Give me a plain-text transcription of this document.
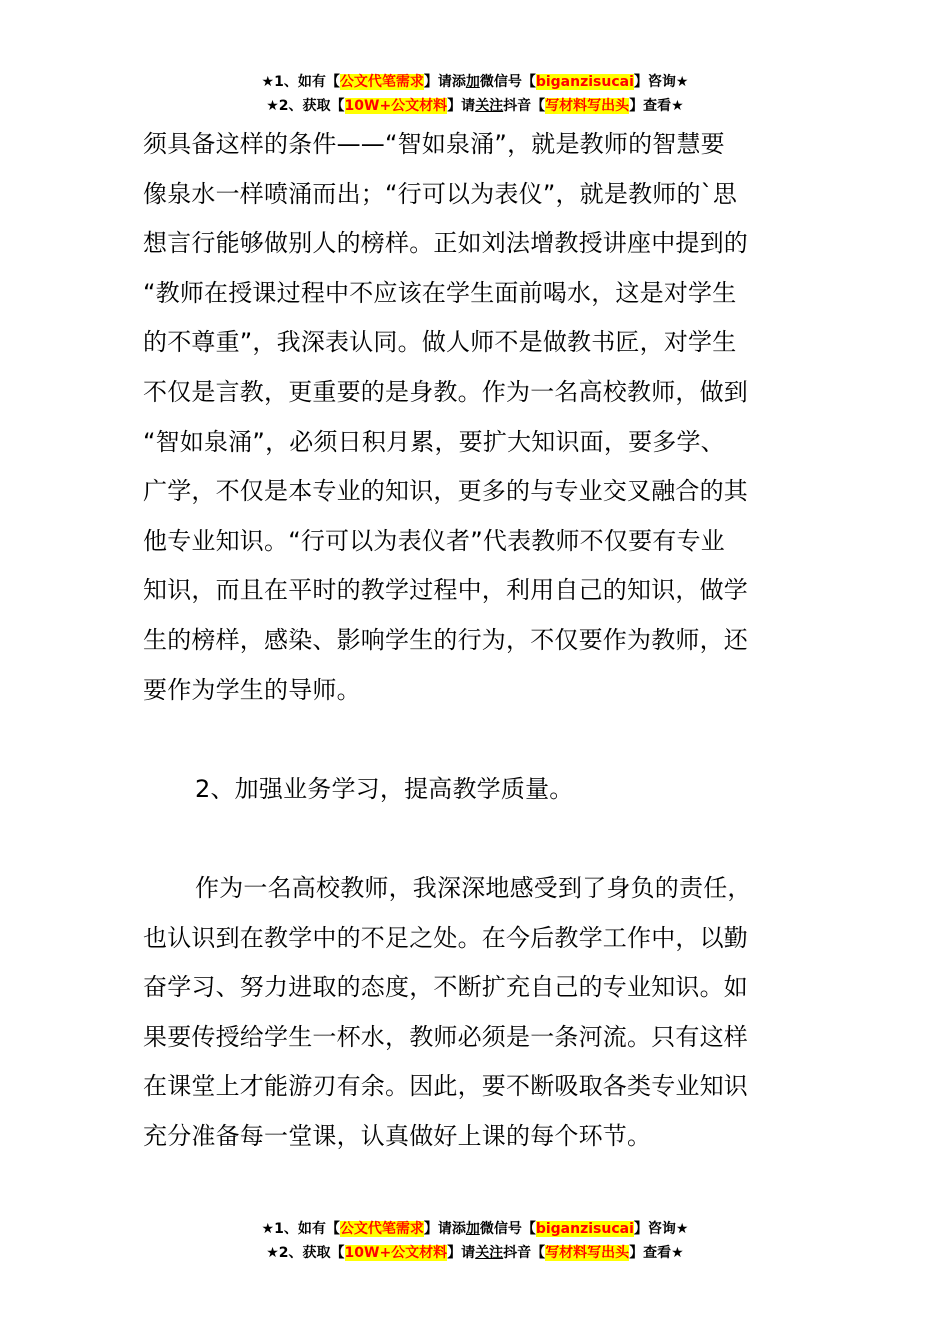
★1、如有【公文代笔需求】请添加微信号【biganzisucai】咨询★
★2、获取【10W+公文材料】请关注抖音【写材料写出头】查看★
须具备这样的条件——“智如泉涌”，就是教师的智慧要
像泉水一样喷涌而出；“行可以为表仪”，就是教师的`思
想言行能够做别人的榜样。正如刘法增教授讲座中提到的
“教师在授课过程中不应该在学生面前喝水，这是对学生
的不尊重”，我深表认同。做人师不是做教书匠，对学生
不仅是言教，更重要的是身教。作为一名高校教师，做到
“智如泉涌”，必须日积月累，要扩大知识面，要多学、
广学，不仅是本专业的知识，更多的与专业交叉融合的其
他专业知识。“行可以为表仪者”代表教师不仅要有专业
知识，而且在平时的教学过程中，利用自己的知识，做学
生的榜样，感染、影响学生的行为，不仅要作为教师，还
要作为学生的导师。
2、加强业务学习，提高教学质量。
作为一名高校教师，我深深地感受到了身负的责任，
也认识到在教学中的不足之处。在今后教学工作中，以勤
奋学习、努力进取的态度，不断扩充自己的专业知识。如
果要传授给学生一杯水，教师必须是一条河流。只有这样
在课堂上才能游刃有余。因此，要不断吸取各类专业知识
充分准备每一堂课，认真做好上课的每个环节。
★1、如有【公文代笔需求】请添加微信号【biganzisucai】咨询★
★2、获取【10W+公文材料】请关注抖音【写材料写出头】查看★
